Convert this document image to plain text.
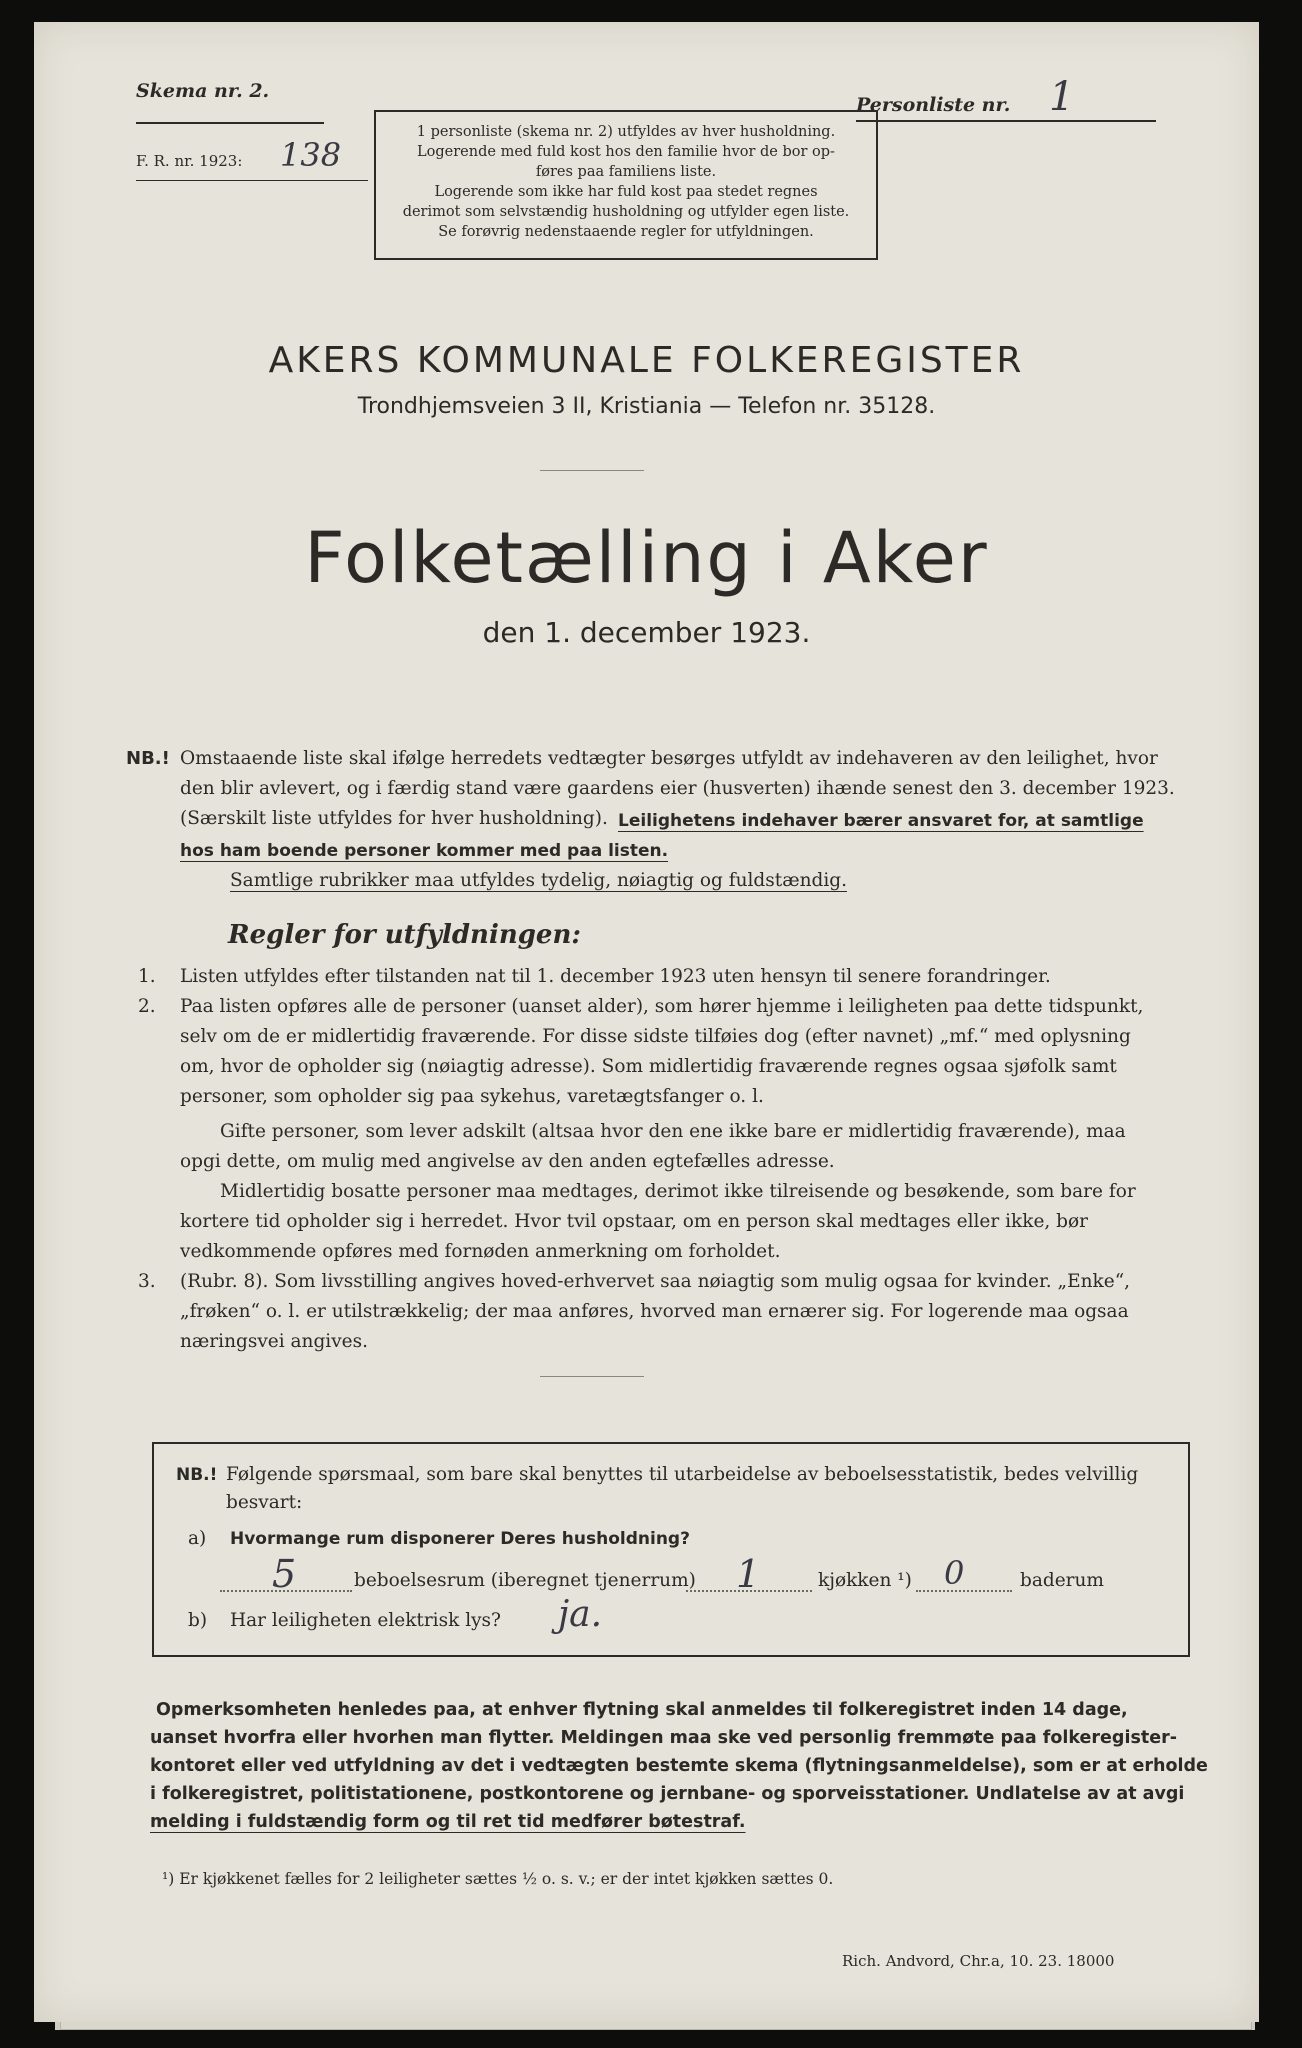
Skema nr. 2.
F. R. nr. 1923: 138
1 personliste (skema nr. 2) utfyldes av hver husholdning.
Logerende med fuld kost hos den familie hvor de bor op-
føres paa familiens liste.
Logerende som ikke har fuld kost paa stedet regnes
derimot som selvstændig husholdning og utfylder egen liste.
Se forøvrig nedenstaaende regler for utfyldningen.
Personliste nr. 1
AKERS KOMMUNALE FOLKEREGISTER
Trondhjemsveien 3 II, Kristiania — Telefon nr. 35128.
Folketælling i Aker
den 1. december 1923.
NB.! Omstaaende liste skal ifølge herredets vedtægter besørges utfyldt av indehaveren av den leilighet, hvor
den blir avlevert, og i færdig stand være gaardens eier (husverten) ihænde senest den 3. december 1923.
(Særskilt liste utfyldes for hver husholdning). Leilighetens indehaver bærer ansvaret for, at samtlige
hos ham boende personer kommer med paa listen.
Samtlige rubrikker maa utfyldes tydelig, nøiagtig og fuldstændig.
Regler for utfyldningen:
1. Listen utfyldes efter tilstanden nat til 1. december 1923 uten hensyn til senere forandringer.
2. Paa listen opføres alle de personer (uanset alder), som hører hjemme i leiligheten paa dette tidspunkt,
selv om de er midlertidig fraværende. For disse sidste tilføies dog (efter navnet) „mf.“ med oplysning
om, hvor de opholder sig (nøiagtig adresse). Som midlertidig fraværende regnes ogsaa sjøfolk samt
personer, som opholder sig paa sykehus, varetægtsfanger o. l.
Gifte personer, som lever adskilt (altsaa hvor den ene ikke bare er midlertidig fraværende), maa
opgi dette, om mulig med angivelse av den anden egtefælles adresse.
Midlertidig bosatte personer maa medtages, derimot ikke tilreisende og besøkende, som bare for
kortere tid opholder sig i herredet. Hvor tvil opstaar, om en person skal medtages eller ikke, bør
vedkommende opføres med fornøden anmerkning om forholdet.
3. (Rubr. 8). Som livsstilling angives hoved-erhvervet saa nøiagtig som mulig ogsaa for kvinder. „Enke“,
„frøken“ o. l. er utilstrækkelig; der maa anføres, hvorved man ernærer sig. For logerende maa ogsaa
næringsvei angives.
NB.! Følgende spørsmaal, som bare skal benyttes til utarbeidelse av beboelsesstatistik, bedes velvillig
besvart:
a) Hvormange rum disponerer Deres husholdning?
5	beboelsesrum (iberegnet tjenerrum) 1	kjøkken ¹) 0	baderum
b) Har leiligheten elektrisk lys? ja.
Opmerksomheten henledes paa, at enhver flytning skal anmeldes til folkeregistret inden 14 dage,
uanset hvorfra eller hvorhen man flytter. Meldingen maa ske ved personlig fremmøte paa folkeregister-
kontoret eller ved utfyldning av det i vedtægten bestemte skema (flytningsanmeldelse), som er at erholde
i folkeregistret, politistationene, postkontorene og jernbane- og sporveisstationer. Undlatelse av at avgi
melding i fuldstændig form og til ret tid medfører bøtestraf.
¹) Er kjøkkenet fælles for 2 leiligheter sættes ½ o. s. v.; er der intet kjøkken sættes 0.
Rich. Andvord, Chr.a, 10. 23. 18000
